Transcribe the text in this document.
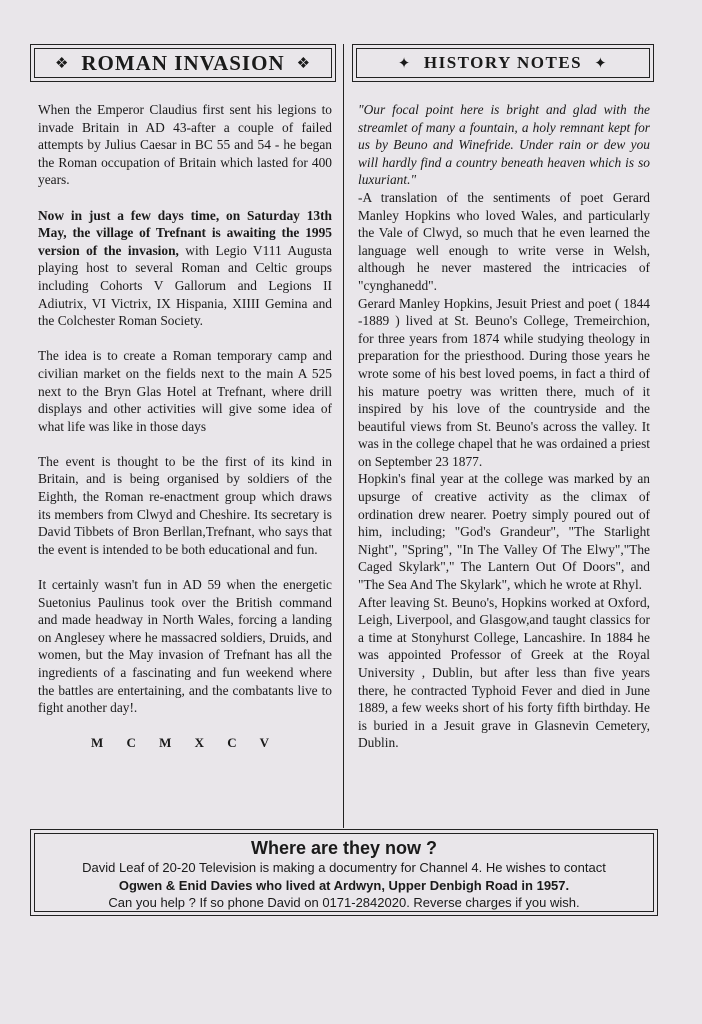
❖ ROMAN INVASION ❖	✦ HISTORY NOTES ✦

When the Emperor Claudius first sent his legions to invade Britain in AD 43-after a couple of failed attempts by Julius Caesar in BC 55 and 54 - he began the Roman occupation of Britain which lasted for 400 years.

Now in just a few days time, on Saturday 13th May, the village of Trefnant is awaiting the 1995 version of the invasion, with Legio V111 Augusta playing host to several Roman and Celtic groups including Cohorts V Gallorum and Legions II Adiutrix, VI Victrix, IX Hispania, XIIII Gemina and the Colchester Roman Society.

The idea is to create a Roman temporary camp and civilian market on the fields next to the main A 525 next to the Bryn Glas Hotel at Trefnant, where drill displays and other activities will give some idea of what life was like in those days

The event is thought to be the first of its kind in Britain, and is being organised by soldiers of the Eighth, the Roman re-enactment group which draws its members from Clwyd and Cheshire. Its secretary is David Tibbets of Bron Berllan,Trefnant, who says that the event is intended to be both educational and fun.

It certainly wasn't fun in AD 59 when the energetic Suetonius Paulinus took over the British command and made headway in North Wales, forcing a landing on Anglesey where he massacred soldiers, Druids, and women, but the May invasion of Trefnant has all the ingredients of a fascinating and fun weekend where the battles are entertaining, and the combatants live to fight another day!.

M C M X C V

"Our focal point here is bright and glad with the streamlet of many a fountain, a holy remnant kept for us by Beuno and Winefride. Under rain or dew you will hardly find a country beneath heaven which is so luxuriant."

-A translation of the sentiments of poet Gerard Manley Hopkins who loved Wales, and particularly the Vale of Clwyd, so much that he even learned the language well enough to write verse in Welsh, although he never mastered the intricacies of "cynghanedd".

Gerard Manley Hopkins, Jesuit Priest and poet ( 1844 -1889 ) lived at St. Beuno's College, Tremeirchion, for three years from 1874 while studying theology in preparation for the priesthood. During those years he wrote some of his best loved poems, in fact a third of his mature poetry was written there, much of it inspired by his love of the countryside and the beautiful views from St. Beuno's across the valley. It was in the college chapel that he was ordained a priest on September 23 1877.

Hopkin's final year at the college was marked by an upsurge of creative activity as the climax of ordination drew nearer. Poetry simply poured out of him, including; "God's Grandeur", "The Starlight Night", "Spring", "In The Valley Of The Elwy","The Caged Skylark"," The Lantern Out Of Doors", and "The Sea And The Skylark", which he wrote at Rhyl.

After leaving St. Beuno's, Hopkins worked at Oxford, Leigh, Liverpool, and Glasgow,and taught classics for a time at Stonyhurst College, Lancashire. In 1884 he was appointed Professor of Greek at the Royal University , Dublin, but after less than five years there, he contracted Typhoid Fever and died in June 1889, a few weeks short of his forty fifth birthday. He is buried in a Jesuit grave in Glasnevin Cemetery, Dublin.

Where are they now ?
David Leaf of 20-20 Television is making a documentry for Channel 4. He wishes to contact
Ogwen & Enid Davies who lived at Ardwyn, Upper Denbigh Road in 1957.
Can you help ? If so phone David on 0171-2842020. Reverse charges if you wish.
